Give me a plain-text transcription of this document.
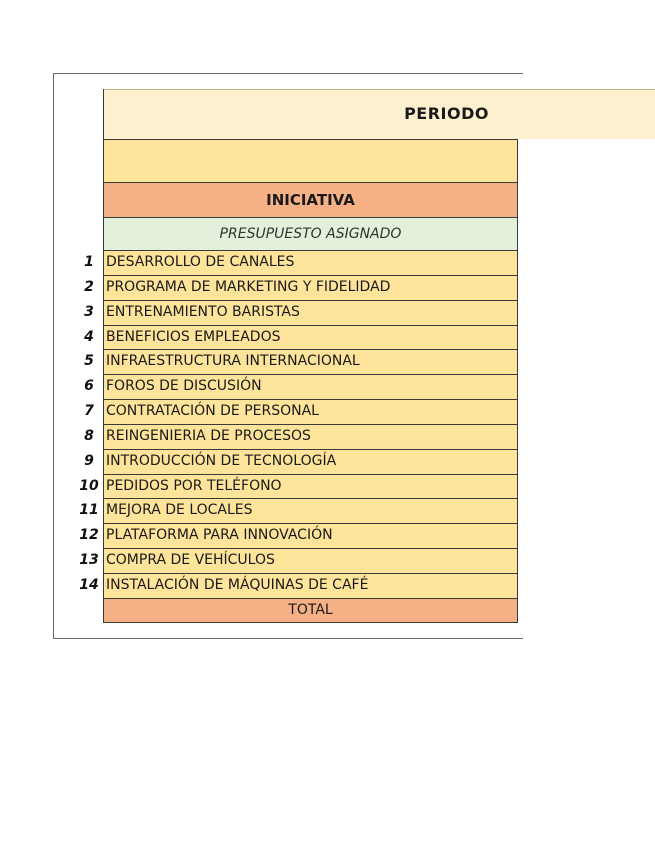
PERIODO
INICIATIVA
PRESUPUESTO ASIGNADO
1 DESARROLLO DE CANALES
2 PROGRAMA DE MARKETING Y FIDELIDAD
3 ENTRENAMIENTO BARISTAS
4 BENEFICIOS EMPLEADOS
5 INFRAESTRUCTURA INTERNACIONAL
6 FOROS DE DISCUSIÓN
7 CONTRATACIÓN DE PERSONAL
8 REINGENIERIA DE PROCESOS
9 INTRODUCCIÓN DE TECNOLOGÍA
10 PEDIDOS POR TELÉFONO
11 MEJORA DE LOCALES
12 PLATAFORMA PARA INNOVACIÓN
13 COMPRA DE VEHÍCULOS
14 INSTALACIÓN DE MÁQUINAS DE CAFÉ
TOTAL
